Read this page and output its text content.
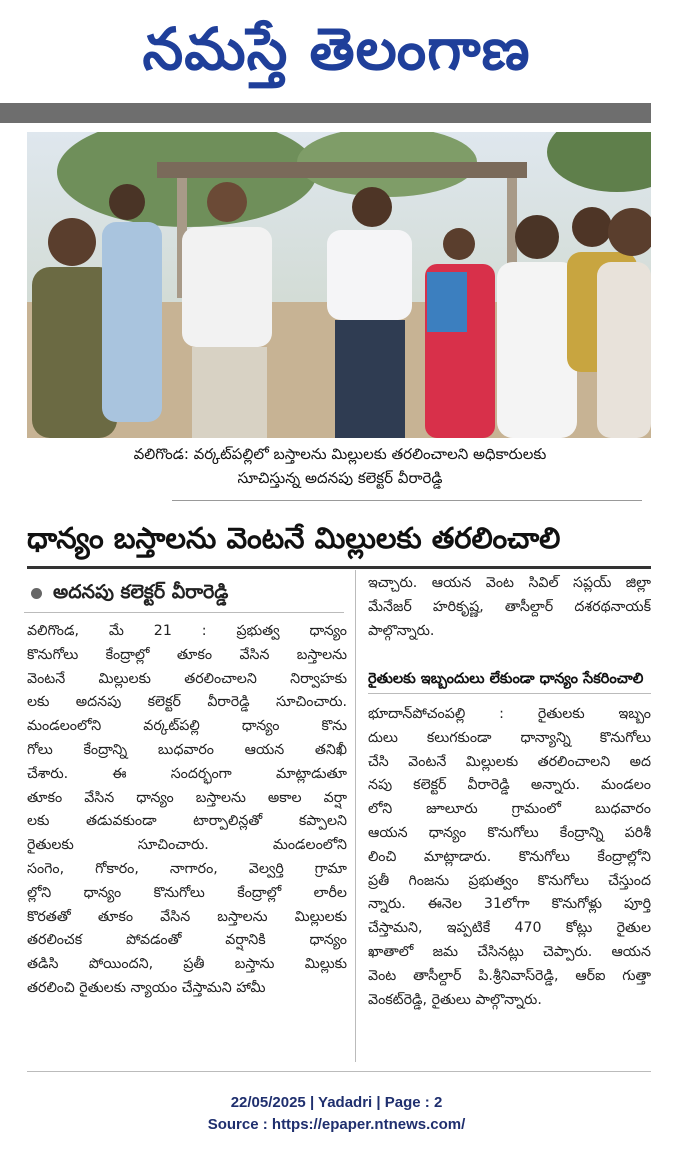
నమస్తే తెలంగాణ
వలిగొండ: వర్కట్‌పల్లిలో బస్తాలను మిల్లులకు తరలించాలని అధికారులకు
సూచిస్తున్న అదనపు కలెక్టర్ వీరారెడ్డి
ధాన్యం బస్తాలను వెంటనే మిల్లులకు తరలించాలి
అదనపు కలెక్టర్ వీరారెడ్డి
వలిగొండ, మే 21 : ప్రభుత్వ ధాన్యం
కొనుగోలు కేంద్రాల్లో తూకం వేసిన బస్తాలను
వెంటనే మిల్లులకు తరలించాలని నిర్వాహకు
లకు అదనపు కలెక్టర్ వీరారెడ్డి సూచించారు.
మండలంలోని వర్కట్‌పల్లి ధాన్యం కొను
గోలు కేంద్రాన్ని బుధవారం ఆయన తనిఖీ
చేశారు. ఈ సందర్భంగా మాట్లాడుతూ
తూకం వేసిన ధాన్యం బస్తాలను అకాల వర్షా
లకు తడువకుండా టార్పాలిన్లతో కప్పాలని
రైతులకు సూచించారు. మండలంలోని
సంగెం, గోకారం, నాగారం, వెల్వర్తి గ్రామా
ల్లోని ధాన్యం కొనుగోలు కేంద్రాల్లో లారీల
కొరతతో తూకం వేసిన బస్తాలను మిల్లులకు
తరలించక పోవడంతో వర్షానికి ధాన్యం
తడిసి పోయిందని, ప్రతీ బస్తాను మిల్లుకు
తరలించి రైతులకు న్యాయం చేస్తామని హామీ
ఇచ్చారు. ఆయన వెంట సివిల్ సప్లయ్ జిల్లా
మేనేజర్ హరికృష్ణ, తాసీల్దార్ దశరథనాయక్
పాల్గొన్నారు.
రైతులకు ఇబ్బందులు లేకుండా ధాన్యం సేకరించాలి
భూదాన్‌పోచంపల్లి : రైతులకు ఇబ్బం
దులు కలుగకుండా ధాన్యాన్ని కొనుగోలు
చేసి వెంటనే మిల్లులకు తరలించాలని అద
నపు కలెక్టర్ వీరారెడ్డి అన్నారు. మండలం
లోని జూలూరు గ్రామంలో బుధవారం
ఆయన ధాన్యం కొనుగోలు కేంద్రాన్ని పరిశీ
లించి మాట్లాడారు. కొనుగోలు కేంద్రాల్లోని
ప్రతీ గింజను ప్రభుత్వం కొనుగోలు చేస్తుంద
న్నారు. ఈనెల 31లోగా కొనుగోళ్లు పూర్తి
చేస్తామని, ఇప్పటికే 470 కోట్లు రైతుల
ఖాతాలో జమ చేసినట్లు చెప్పారు. ఆయన
వెంట తాసీల్దార్ పి.శ్రీనివాస్‌రెడ్డి, ఆర్ఐ గుత్తా
వెంకట్‌రెడ్డి, రైతులు పాల్గొన్నారు.
22/05/2025 | Yadadri | Page : 2
Source : https://epaper.ntnews.com/
